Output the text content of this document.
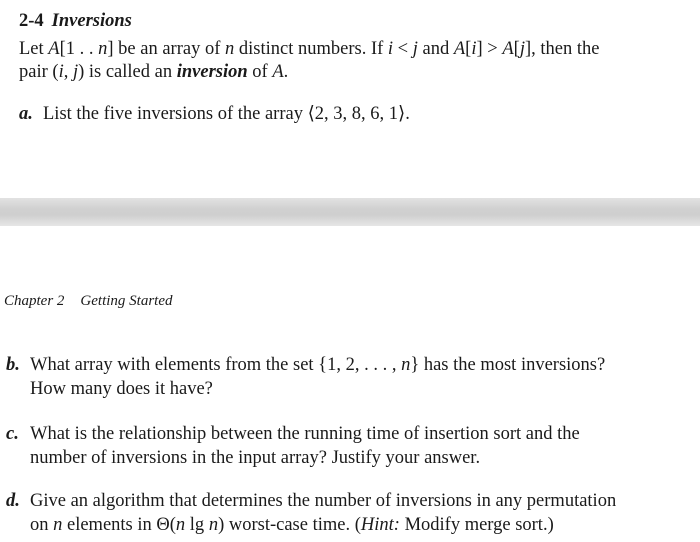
2-4 Inversions
Let A[1 . . n] be an array of n distinct numbers. If i < j and A[i] > A[j], then the
pair (i, j) is called an inversion of A.
a. List the five inversions of the array ⟨2, 3, 8, 6, 1⟩.
Chapter 2 Getting Started
b. What array with elements from the set {1, 2, . . . , n} has the most inversions?
How many does it have?
c. What is the relationship between the running time of insertion sort and the
number of inversions in the input array? Justify your answer.
d. Give an algorithm that determines the number of inversions in any permutation
on n elements in Θ(n lg n) worst-case time. (Hint: Modify merge sort.)
